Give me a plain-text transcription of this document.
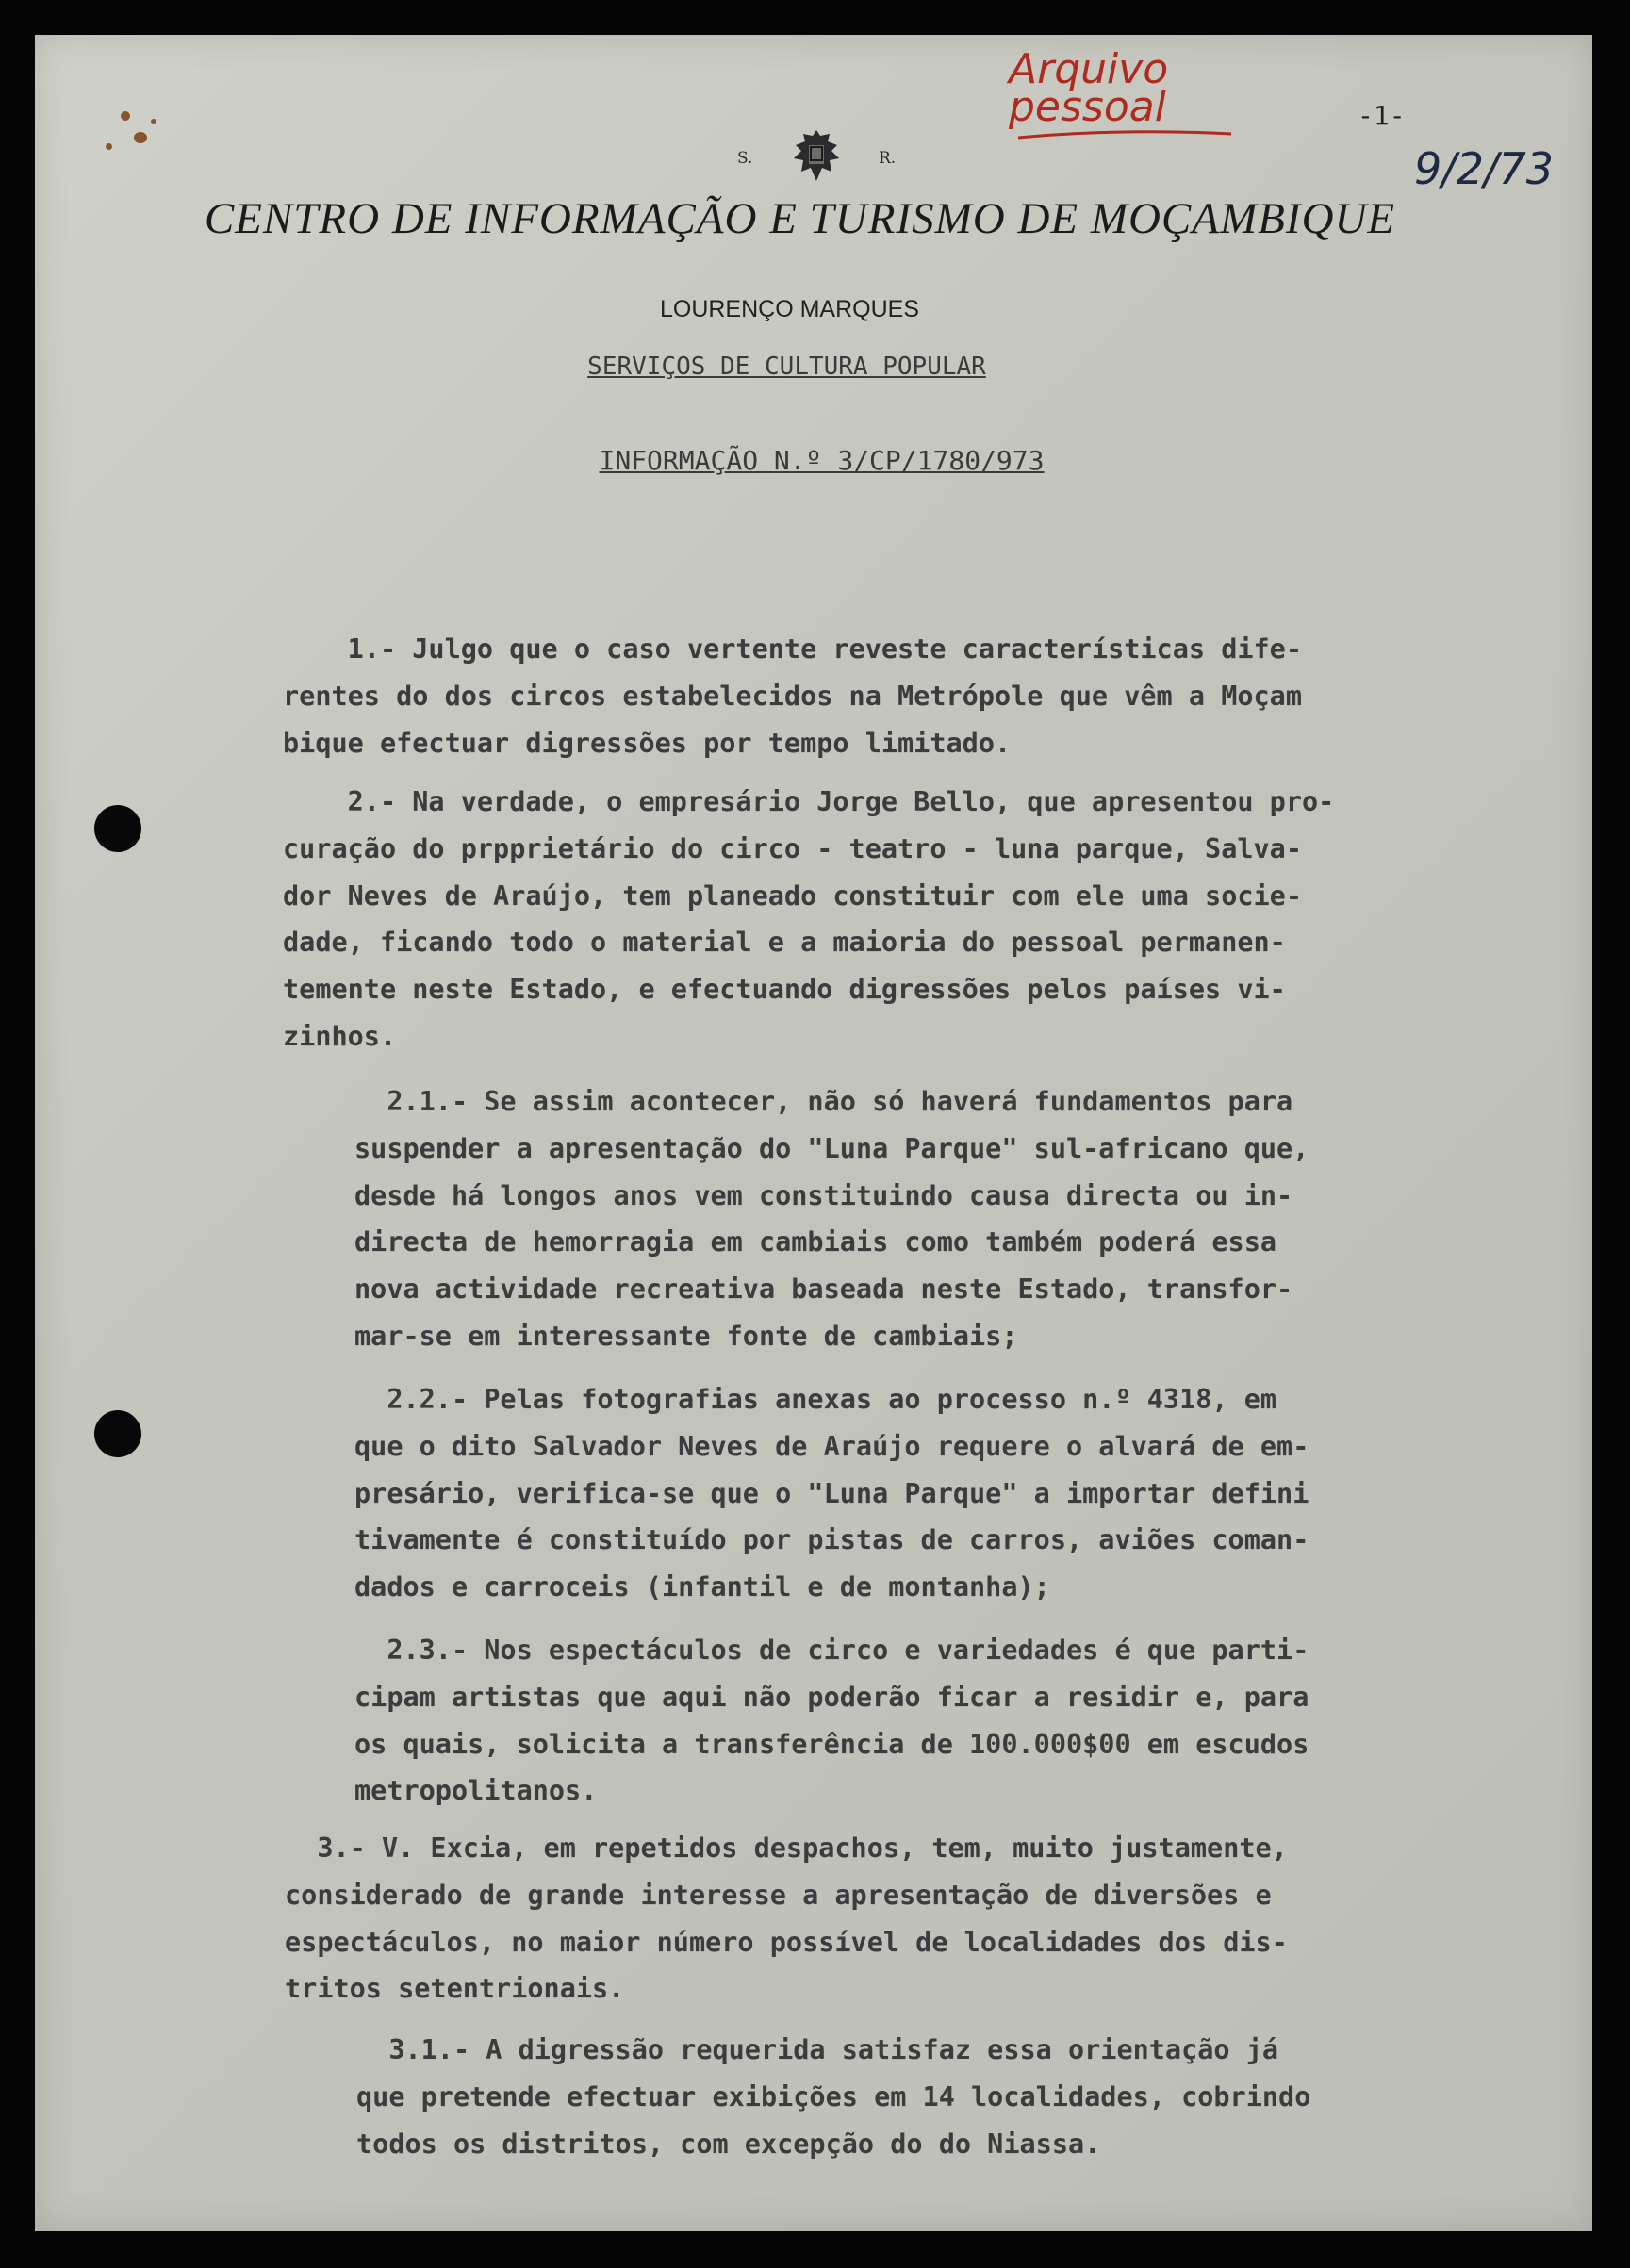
Arquivo pessoal	-1-
9/2/73
S.	R.
CENTRO DE INFORMAÇÃO E TURISMO DE MOÇAMBIQUE
LOURENÇO MARQUES
SERVIÇOS DE CULTURA POPULAR
INFORMAÇÃO N.º 3/CP/1780/973
1.- Julgo que o caso vertente reveste características dife-
rentes do dos circos estabelecidos na Metrópole que vêm a Moçam
bique efectuar digressões por tempo limitado.
2.- Na verdade, o empresário Jorge Bello, que apresentou pro-
curação do prpprietário do circo - teatro - luna parque, Salva-
dor Neves de Araújo, tem planeado constituir com ele uma socie-
dade, ficando todo o material e a maioria do pessoal permanen-
temente neste Estado, e efectuando digressões pelos países vi-
zinhos.
2.1.- Se assim acontecer, não só haverá fundamentos para
suspender a apresentação do "Luna Parque" sul-africano que,
desde há longos anos vem constituindo causa directa ou in-
directa de hemorragia em cambiais como também poderá essa
nova actividade recreativa baseada neste Estado, transfor-
mar-se em interessante fonte de cambiais;
2.2.- Pelas fotografias anexas ao processo n.º 4318, em
que o dito Salvador Neves de Araújo requere o alvará de em-
presário, verifica-se que o "Luna Parque" a importar defini
tivamente é constituído por pistas de carros, aviões coman-
dados e carroceis (infantil e de montanha);
2.3.- Nos espectáculos de circo e variedades é que parti-
cipam artistas que aqui não poderão ficar a residir e, para
os quais, solicita a transferência de 100.000$00 em escudos
metropolitanos.
3.- V. Excia, em repetidos despachos, tem, muito justamente,
considerado de grande interesse a apresentação de diversões e
espectáculos, no maior número possível de localidades dos dis-
tritos setentrionais.
3.1.- A digressão requerida satisfaz essa orientação já
que pretende efectuar exibições em 14 localidades, cobrindo
todos os distritos, com excepção do do Niassa.
